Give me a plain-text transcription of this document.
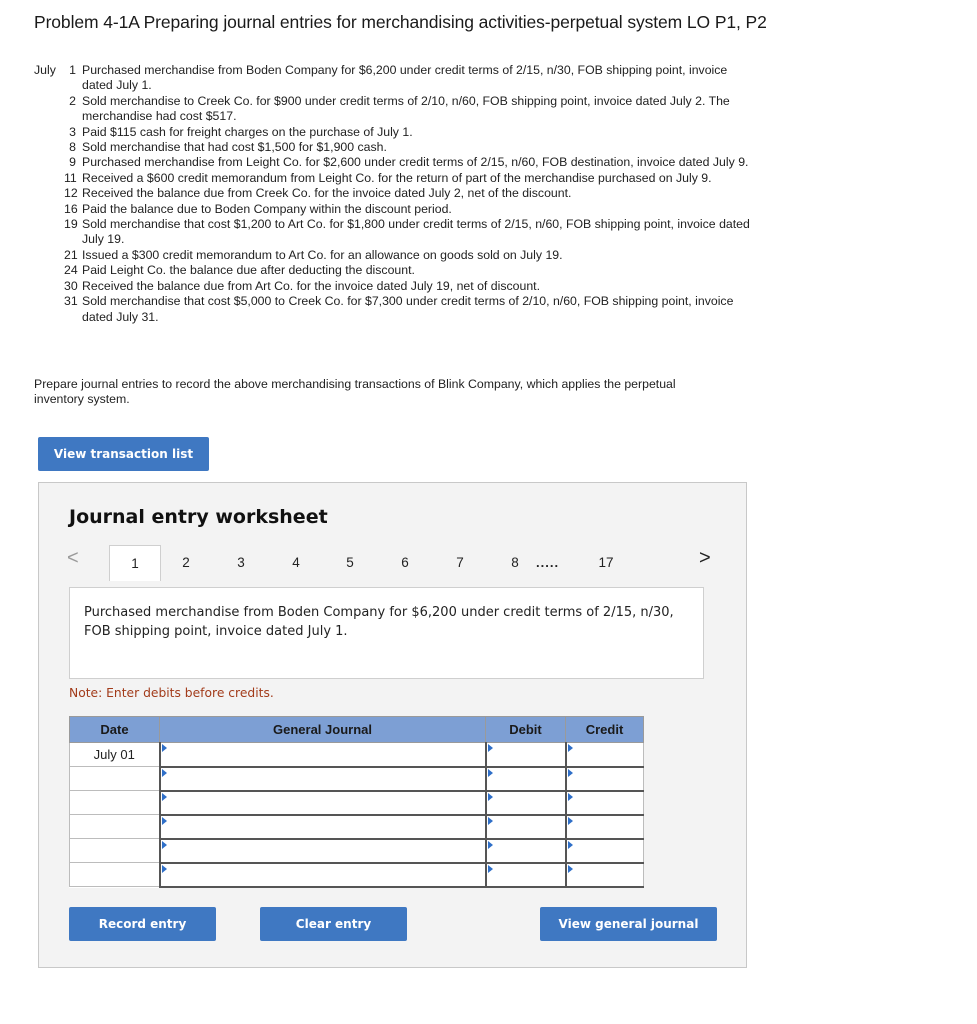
Problem 4-1A Preparing journal entries for merchandising activities-perpetual system LO P1, P2
July	1 Purchased merchandise from Boden Company for $6,200 under credit terms of 2/15, n/30, FOB shipping point, invoice dated July 1.
2 Sold merchandise to Creek Co. for $900 under credit terms of 2/10, n/60, FOB shipping point, invoice dated July 2. The merchandise had cost $517.
3 Paid $115 cash for freight charges on the purchase of July 1.
8 Sold merchandise that had cost $1,500 for $1,900 cash.
9 Purchased merchandise from Leight Co. for $2,600 under credit terms of 2/15, n/60, FOB destination, invoice dated July 9.
11 Received a $600 credit memorandum from Leight Co. for the return of part of the merchandise purchased on July 9.
12 Received the balance due from Creek Co. for the invoice dated July 2, net of the discount.
16 Paid the balance due to Boden Company within the discount period.
19 Sold merchandise that cost $1,200 to Art Co. for $1,800 under credit terms of 2/15, n/60, FOB shipping point, invoice dated July 19.
21 Issued a $300 credit memorandum to Art Co. for an allowance on goods sold on July 19.
24 Paid Leight Co. the balance due after deducting the discount.
30 Received the balance due from Art Co. for the invoice dated July 19, net of discount.
31 Sold merchandise that cost $5,000 to Creek Co. for $7,300 under credit terms of 2/10, n/60, FOB shipping point, invoice dated July 31.
Prepare journal entries to record the above merchandising transactions of Blink Company, which applies the perpetual inventory system.
View transaction list
Journal entry worksheet
<	1	2	3	4	5	6	7	8	.....	17	>
Purchased merchandise from Boden Company for $6,200 under credit terms of 2/15, n/30, FOB shipping point, invoice dated July 1.
Note: Enter debits before credits.
Date	General Journal	Debit	Credit
July 01	

Record entry	Clear entry	View general journal
